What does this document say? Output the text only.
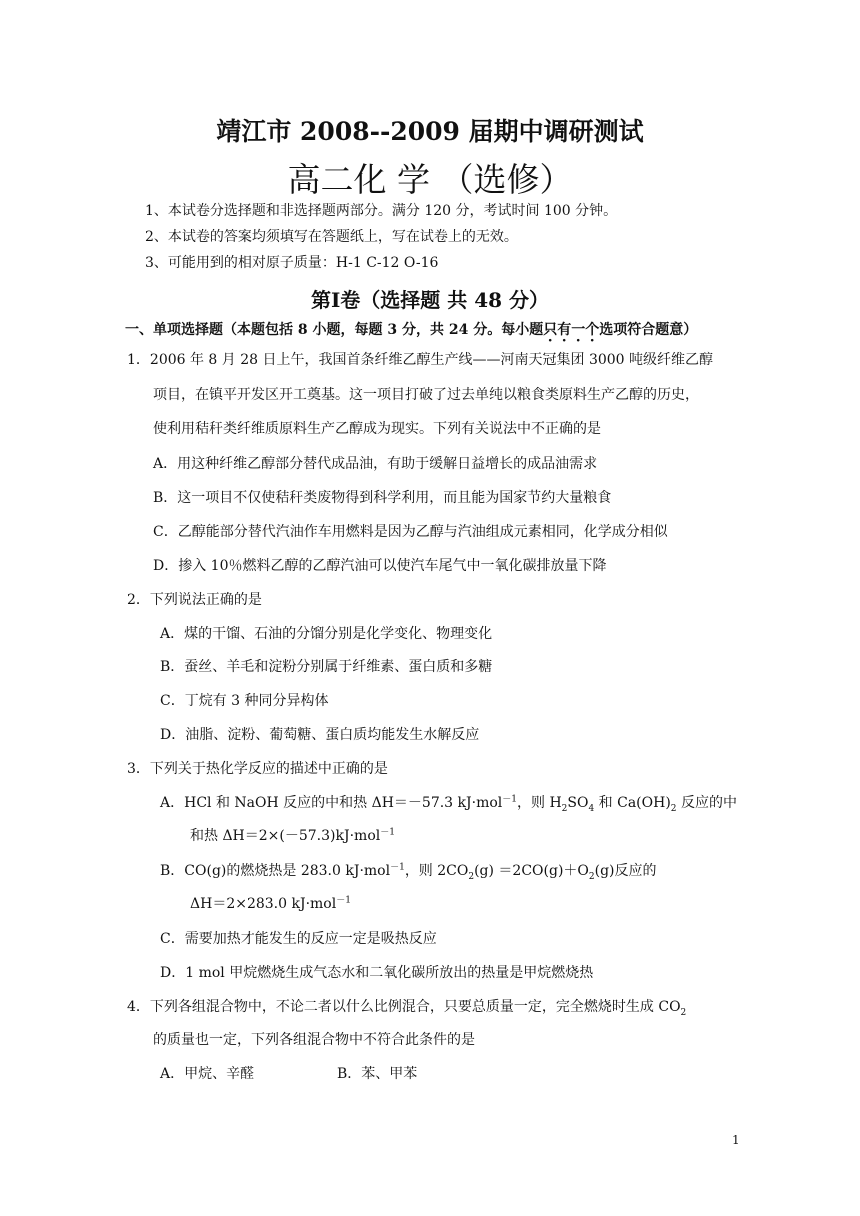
靖江市 2008--2009 届期中调研测试
高二化 学 （选修）
1、本试卷分选择题和非选择题两部分。满分 120 分，考试时间 100 分钟。
2、本试卷的答案均须填写在答题纸上，写在试卷上的无效。
3、可能用到的相对原子质量：H-1 C-12 O-16
第Ⅰ卷（选择题 共 48 分）
一、单项选择题（本题包括 8 小题，每题 3 分，共 24 分。每小题只有一个选项符合题意）
1．2006 年 8 月 28 日上午，我国首条纤维乙醇生产线——河南天冠集团 3000 吨级纤维乙醇
项目，在镇平开发区开工奠基。这一项目打破了过去单纯以粮食类原料生产乙醇的历史，
使利用秸秆类纤维质原料生产乙醇成为现实。下列有关说法中不正确的是
A．用这种纤维乙醇部分替代成品油，有助于缓解日益增长的成品油需求
B．这一项目不仅使秸秆类废物得到科学利用，而且能为国家节约大量粮食
C．乙醇能部分替代汽油作车用燃料是因为乙醇与汽油组成元素相同，化学成分相似
D．掺入 10％燃料乙醇的乙醇汽油可以使汽车尾气中一氧化碳排放量下降
2．下列说法正确的是
A．煤的干馏、石油的分馏分别是化学变化、物理变化
B．蚕丝、羊毛和淀粉分别属于纤维素、蛋白质和多糖
C．丁烷有 3 种同分异构体
D．油脂、淀粉、葡萄糖、蛋白质均能发生水解反应
3．下列关于热化学反应的描述中正确的是
A．HCl 和 NaOH 反应的中和热 ΔH＝－57.3 kJ·mol$^{-1}$，则 $H_2SO_4$ 和 $Ca(OH)_2$ 反应的中
和热 ΔH＝2×(－57.3)kJ·mol$^{-1}$
B．CO(g)的燃烧热是 283.0 kJ·mol$^{-1}$，则 $2CO_2(g) =2CO(g)+O_2(g)$反应的
ΔH＝2×283.0 kJ·mol$^{-1}$
C．需要加热才能发生的反应一定是吸热反应
D．1 mol 甲烷燃烧生成气态水和二氧化碳所放出的热量是甲烷燃烧热
4．下列各组混合物中，不论二者以什么比例混合，只要总质量一定，完全燃烧时生成 $CO_2$
的质量也一定，下列各组混合物中不符合此条件的是
A．甲烷、辛醛	B．苯、甲苯
1
